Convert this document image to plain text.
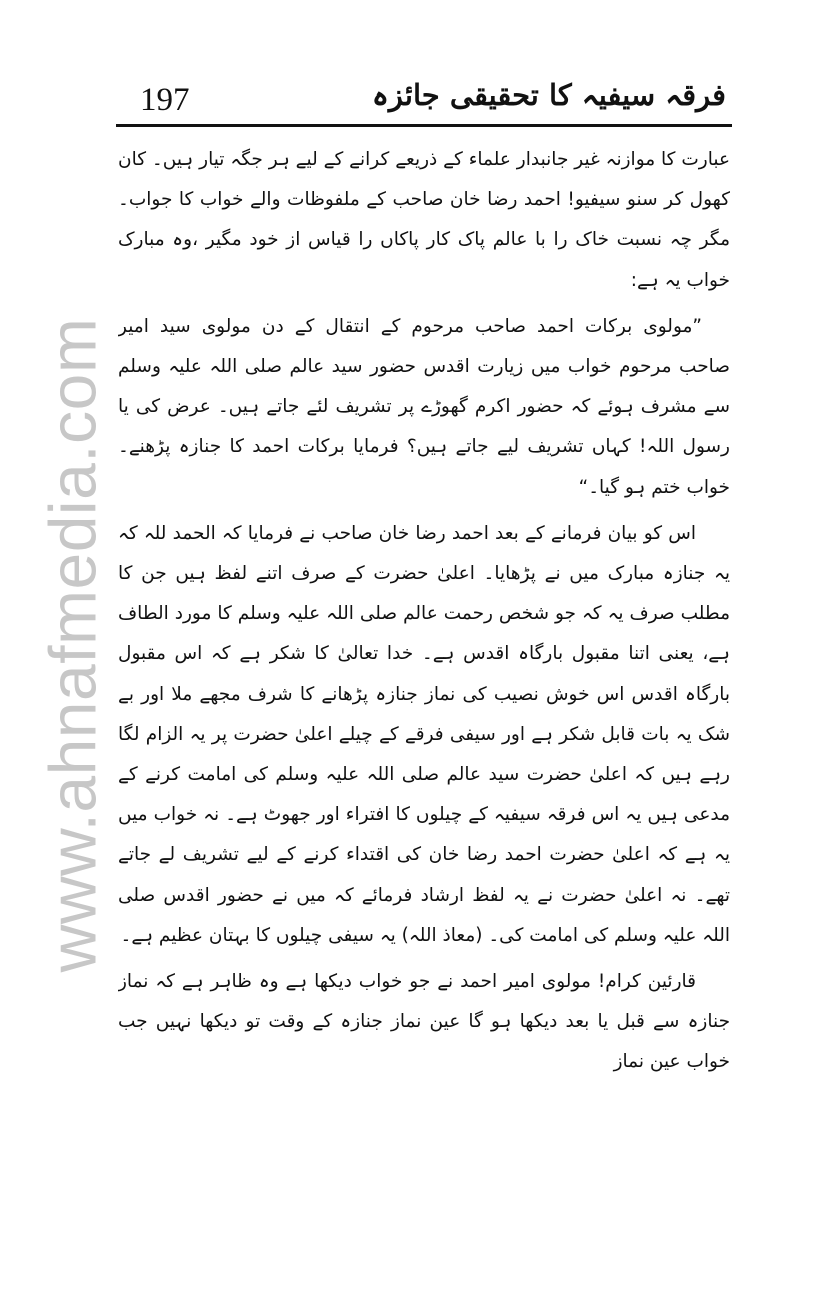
www.ahnafmedia.com
197	فرقہ سیفیہ کا تحقیقی جائزہ

عبارت کا موازنہ غیر جانبدار علماء کے ذریعے کرانے کے لیے ہر جگہ تیار ہیں۔ کان کھول کر سنو سیفیو! احمد رضا خان صاحب کے ملفوظات والے خواب کا جواب۔ مگر چہ نسبت خاک را با عالم پاک کار پاکاں را قیاس از خود مگیر ،وہ مبارک خواب یہ ہے:

”مولوی برکات احمد صاحب مرحوم کے انتقال کے دن مولوی سید امیر صاحب مرحوم خواب میں زیارت اقدس حضور سید عالم صلی اللہ علیہ وسلم سے مشرف ہوئے کہ حضور اکرم گھوڑے پر تشریف لئے جاتے ہیں۔ عرض کی یا رسول اللہ! کہاں تشریف لیے جاتے ہیں؟ فرمایا برکات احمد کا جنازہ پڑھنے۔ خواب ختم ہو گیا۔“

اس کو بیان فرمانے کے بعد احمد رضا خان صاحب نے فرمایا کہ الحمد للہ کہ یہ جنازہ مبارک میں نے پڑھایا۔ اعلیٰ حضرت کے صرف اتنے لفظ ہیں جن کا مطلب صرف یہ کہ جو شخص رحمت عالم صلی اللہ علیہ وسلم کا مورد الطاف ہے، یعنی اتنا مقبول بارگاہ اقدس ہے۔ خدا تعالیٰ کا شکر ہے کہ اس مقبول بارگاہ اقدس اس خوش نصیب کی نماز جنازہ پڑھانے کا شرف مجھے ملا اور بے شک یہ بات قابل شکر ہے اور سیفی فرقے کے چیلے اعلیٰ حضرت پر یہ الزام لگا رہے ہیں کہ اعلیٰ حضرت سید عالم صلی اللہ علیہ وسلم کی امامت کرنے کے مدعی ہیں یہ اس فرقہ سیفیہ کے چیلوں کا افتراء اور جھوٹ ہے۔ نہ خواب میں یہ ہے کہ اعلیٰ حضرت احمد رضا خان کی اقتداء کرنے کے لیے تشریف لے جاتے تھے۔ نہ اعلیٰ حضرت نے یہ لفظ ارشاد فرمائے کہ میں نے حضور اقدس صلی اللہ علیہ وسلم کی امامت کی۔ (معاذ اللہ) یہ سیفی چیلوں کا بہتان عظیم ہے۔

قارئین کرام! مولوی امیر احمد نے جو خواب دیکھا ہے وہ ظاہر ہے کہ نماز جنازہ سے قبل یا بعد دیکھا ہو گا عین نماز جنازہ کے وقت تو دیکھا نہیں جب خواب عین نماز
